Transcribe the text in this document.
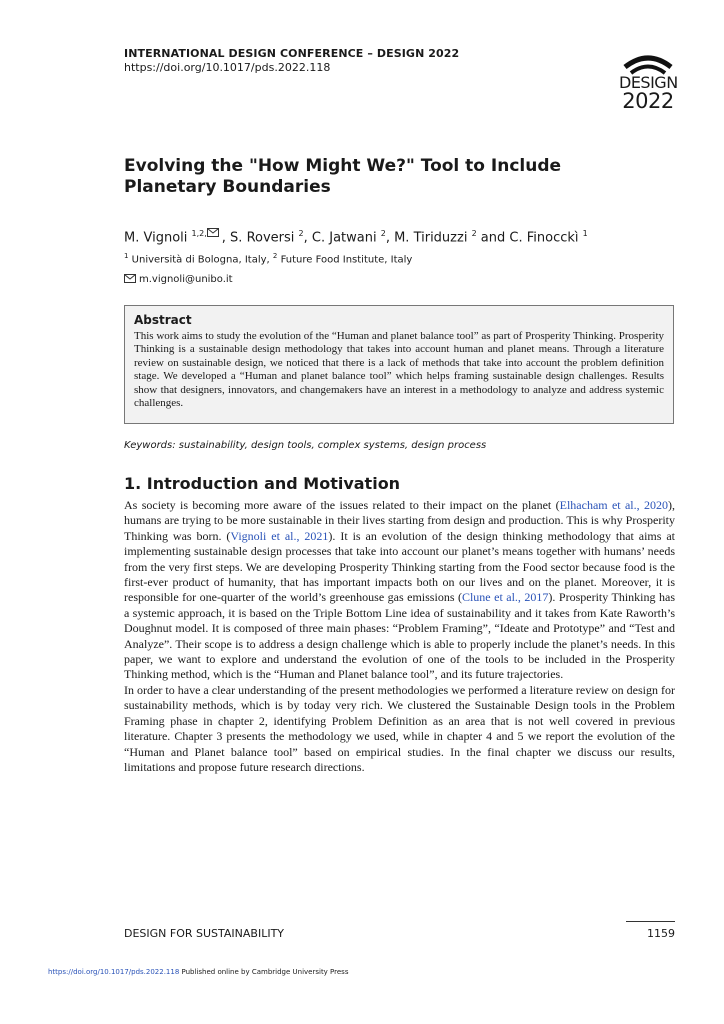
INTERNATIONAL DESIGN CONFERENCE – DESIGN 2022
https://doi.org/10.1017/pds.2022.118
DESIGN
2022
Evolving the "How Might We?" Tool to Include Planetary Boundaries
M. Vignoli $^{1,2,}$ , S. Roversi $^2$, C. Jatwani $^2$, M. Tiriduzzi $^2$ and C. Finocckì $^1$
$^1$ Università di Bologna, Italy, $^2$ Future Food Institute, Italy
m.vignoli@unibo.it
Abstract
This work aims to study the evolution of the “Human and planet balance tool” as part of Prosperity Thinking. Prosperity Thinking is a sustainable design methodology that takes into account human and planet means. Through a literature review on sustainable design, we noticed that there is a lack of methods that take into account the problem definition stage. We developed a “Human and planet balance tool” which helps framing sustainable design challenges. Results show that designers, innovators, and changemakers have an interest in a methodology to analyze and address systemic challenges.
Keywords: sustainability, design tools, complex systems, design process
1. Introduction and Motivation

As society is becoming more aware of the issues related to their impact on the planet (Elhacham et al., 2020), humans are trying to be more sustainable in their lives starting from design and production. This is why Prosperity Thinking was born. (Vignoli et al., 2021). It is an evolution of the design thinking methodology that aims at implementing sustainable design processes that take into account our planet’s means together with humans’ needs from the very first steps. We are developing Prosperity Thinking starting from the Food sector because food is the first-ever product of humanity, that has important impacts both on our lives and on the planet. Moreover, it is responsible for one-quarter of the world’s greenhouse gas emissions (Clune et al., 2017). Prosperity Thinking has a systemic approach, it is based on the Triple Bottom Line idea of sustainability and it takes from Kate Raworth’s Doughnut model. It is composed of three main phases: “Problem Framing”, “Ideate and Prototype” and “Test and Analyze”. Their scope is to address a design challenge which is able to properly include the planet’s needs. In this paper, we want to explore and understand the evolution of one of the tools to be included in the Prosperity Thinking method, which is the “Human and Planet balance tool”, and its future trajectories.

In order to have a clear understanding of the present methodologies we performed a literature review on design for sustainability methods, which is by today very rich. We clustered the Sustainable Design tools in the Problem Framing phase in chapter 2, identifying Problem Definition as an area that is not well covered in previous literature. Chapter 3 presents the methodology we used, while in chapter 4 and 5 we report the evolution of the “Human and Planet balance tool” based on empirical studies. In the final chapter we discuss our results, limitations and propose future research directions.

DESIGN FOR SUSTAINABILITY	1159
https://doi.org/10.1017/pds.2022.118 Published online by Cambridge University Press
